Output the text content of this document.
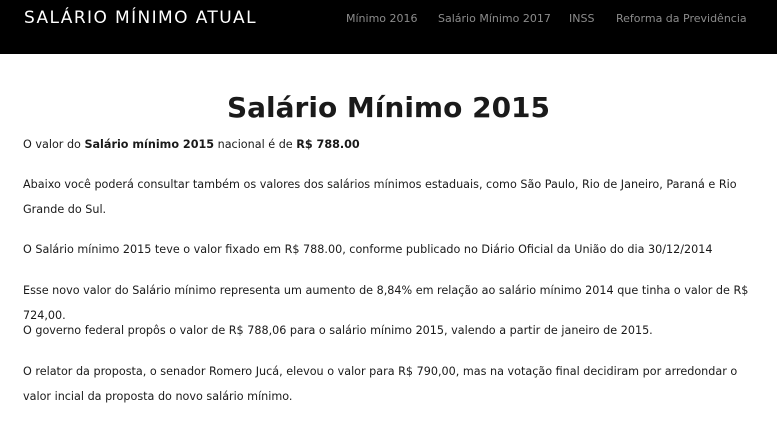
SALÁRIO MÍNIMO ATUAL	Mínimo 2016 Salário Mínimo 2017 INSS Reforma da Previdência
Salário Mínimo 2015

O valor do Salário mínimo 2015 nacional é de R$ 788.00

Abaixo você poderá consultar também os valores dos salários mínimos estaduais, como São Paulo, Rio de Janeiro, Paraná e Rio Grande do Sul.

O Salário mínimo 2015 teve o valor fixado em R$ 788.00, conforme publicado no Diário Oficial da União do dia 30/12/2014

Esse novo valor do Salário mínimo representa um aumento de 8,84% em relação ao salário mínimo 2014 que tinha o valor de R$ 724,00.

O governo federal propôs o valor de R$ 788,06 para o salário mínimo 2015, valendo a partir de janeiro de 2015.

O relator da proposta, o senador Romero Jucá, elevou o valor para R$ 790,00, mas na votação final decidiram por arredondar o valor incial da proposta do novo salário mínimo.
